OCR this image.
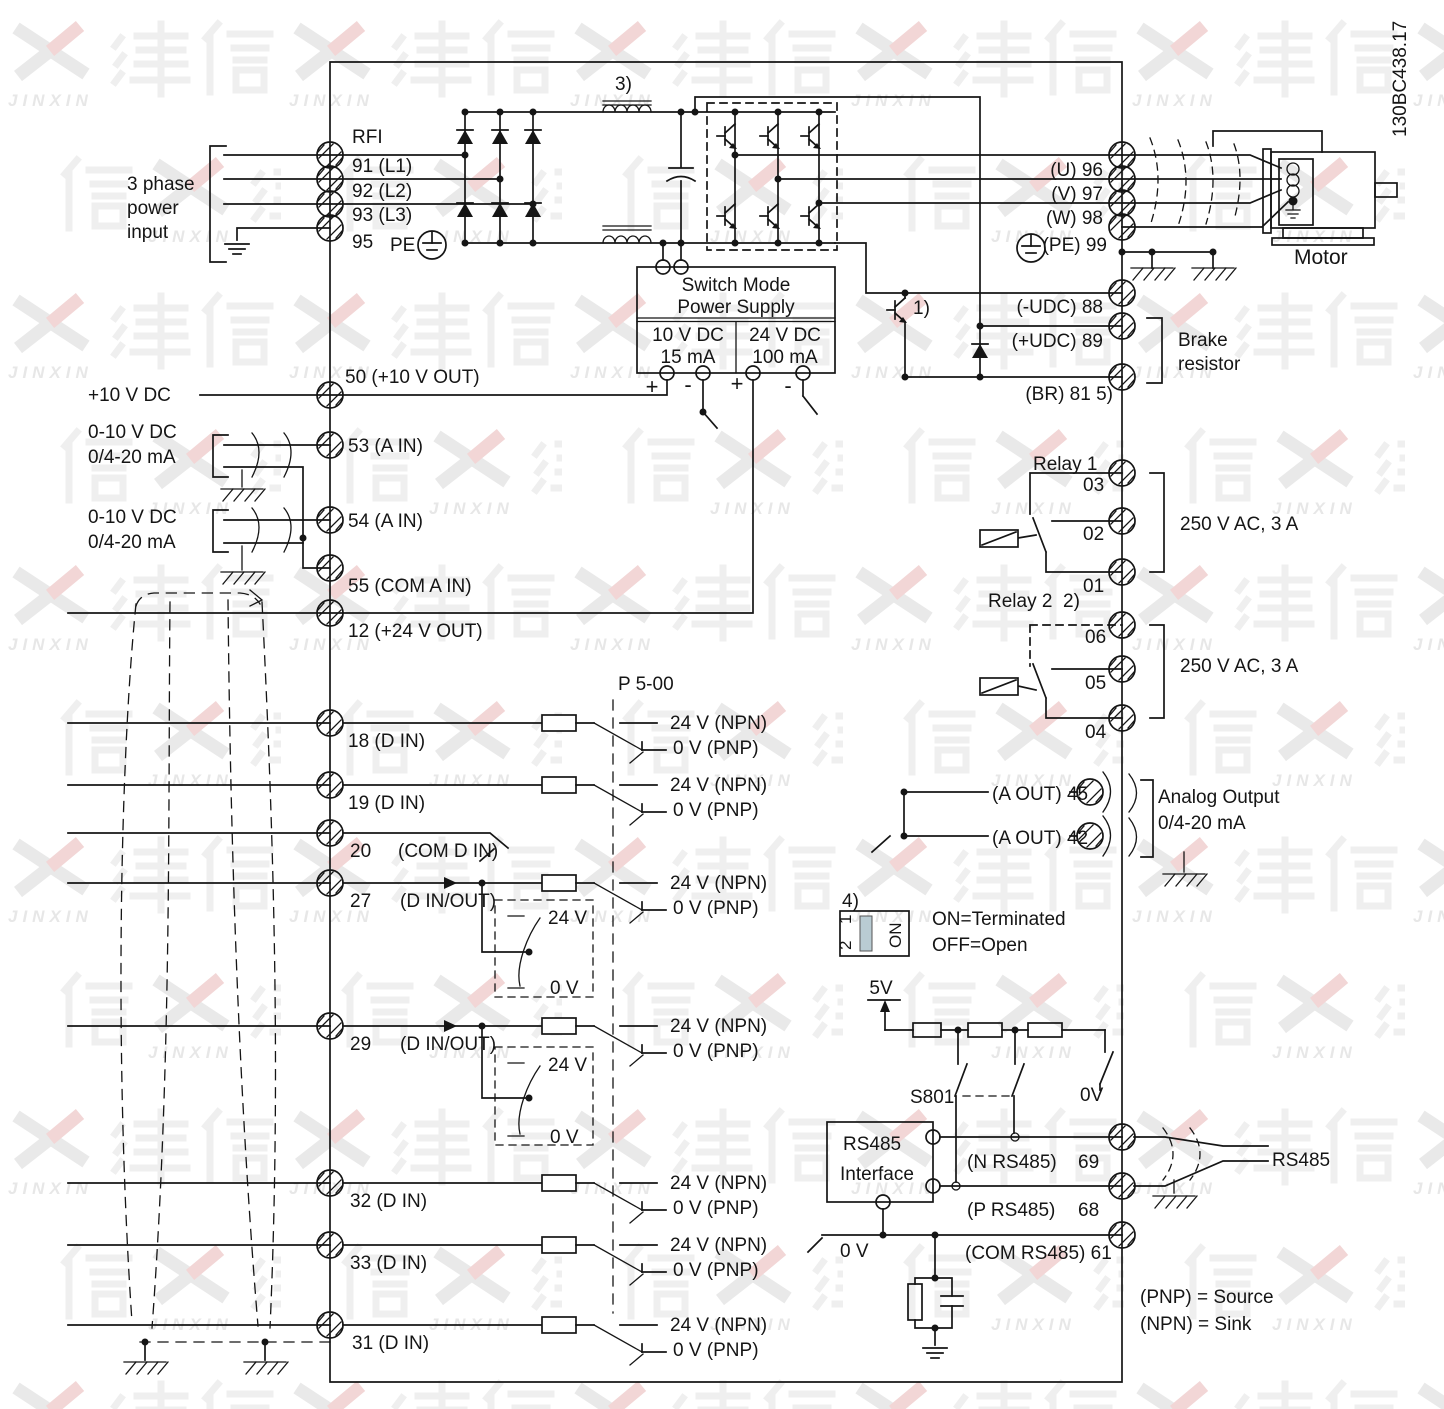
3 phase
power
input
RFI
91 (L1)
92 (L2)
93 (L3)
95 PE
3)
1)
Switch Mode
Power Supply
10 V DC
15 mA
24 V DC
100 mA
+ - + -
(U) 96
(V) 97
(W) 98
(PE) 99
Motor
130BC438.17
(-UDC) 88
(+UDC) 89
(BR) 81 5)
Brake
resistor
+10 V DC
0-10 V DC
0/4-20 mA
0-10 V DC
0/4-20 mA
50 (+10 V OUT)
53 (A IN)
54 (A IN)
55 (COM A IN)
12 (+24 V OUT)
P 5-00
18 (D IN)
19 (D IN)
20 (COM D IN)
27 (D IN/OUT)
29 (D IN/OUT)
32 (D IN)
33 (D IN)
31 (D IN)
24 V (NPN)
0 V (PNP)
24 V (NPN)
0 V (PNP)
24 V (NPN)
0 V (PNP)
24 V (NPN)
0 V (PNP)
24 V (NPN)
0 V (PNP)
24 V (NPN)
0 V (PNP)
24 V (NPN)
0 V (PNP)
24 V
0 V
24 V
0 V
Relay 1
03
02
01
250 V AC, 3 A
Relay 2 2)
06
05
04
250 V AC, 3 A
(A OUT) 45
(A OUT) 42
Analog Output
0/4-20 mA
4)
1
2 ON
ON=Terminated
OFF=Open
5V
S801	0V
RS485
Interface
(N RS485) 69
(P RS485) 68
(COM RS485) 61
RS485
0 V
(PNP) = Source
(NPN) = Sink
